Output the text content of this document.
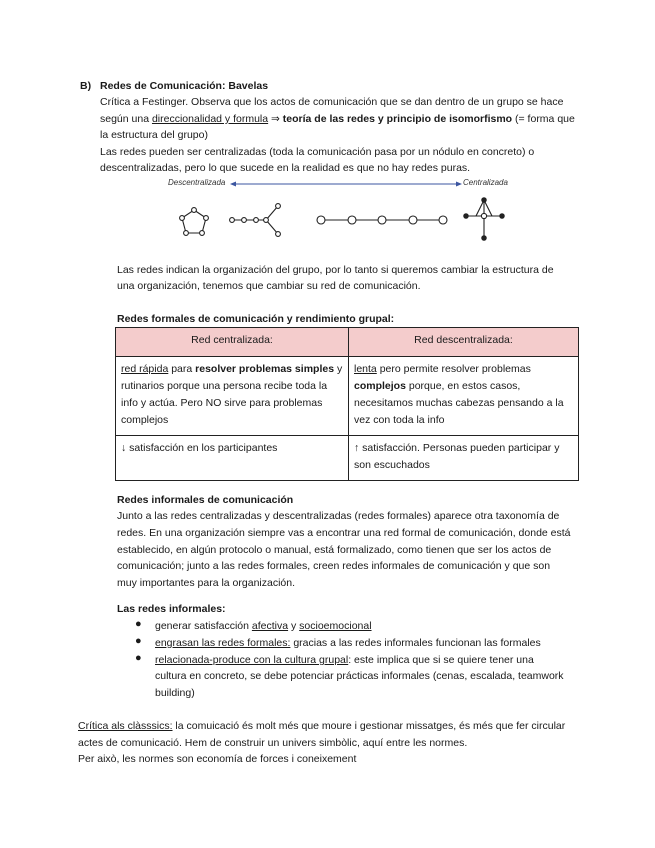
B) Redes de Comunicación: Bavelas
Crítica a Festinger. Observa que los actos de comunicación que se dan dentro de un grupo se hace
según una direccionalidad y formula ⇒ teoría de las redes y principio de isomorfismo (= forma que
la estructura del grupo)
Las redes pueden ser centralizadas (toda la comunicación pasa por un nódulo en concreto) o
descentralizadas, pero lo que sucede en la realidad es que no hay redes puras.
Descentralizada	Centralizada
Las redes indican la organización del grupo, por lo tanto si queremos cambiar la estructura de
una organización, tenemos que cambiar su red de comunicación.
Redes formales de comunicación y rendimiento grupal:
Red centralizada:	Red descentralizada:

red rápida para resolver problemas simples y
rutinarios porque una persona recibe toda la
info y actúa. Pero NO sirve para problemas
complejos	lenta pero permite resolver problemas
complejos porque, en estos casos,
necesitamos muchas cabezas pensando a la
vez con toda la info

↓ satisfacción en los participantes	↑ satisfacción. Personas pueden participar y
son escuchados
Redes informales de comunicación
Junto a las redes centralizadas y descentralizadas (redes formales) aparece otra taxonomía de
redes. En una organización siempre vas a encontrar una red formal de comunicación, donde está
establecido, en algún protocolo o manual, está formalizado, como tienen que ser los actos de
comunicación; junto a las redes formales, creen redes informales de comunicación y que son
muy importantes para la organización.
Las redes informales:
● generar satisfacción afectiva y socioemocional
● engrasan las redes formales: gracias a las redes informales funcionan las formales
● relacionada-produce con la cultura grupal: este implica que si se quiere tener una
cultura en concreto, se debe potenciar prácticas informales (cenas, escalada, teamwork
building)
Crítica als clàsssics: la comuicació és molt més que moure i gestionar missatges, és més que fer circular
actes de comunicació. Hem de construir un univers simbòlic, aquí entre les normes.
Per això, les normes son economía de forces i coneixement
